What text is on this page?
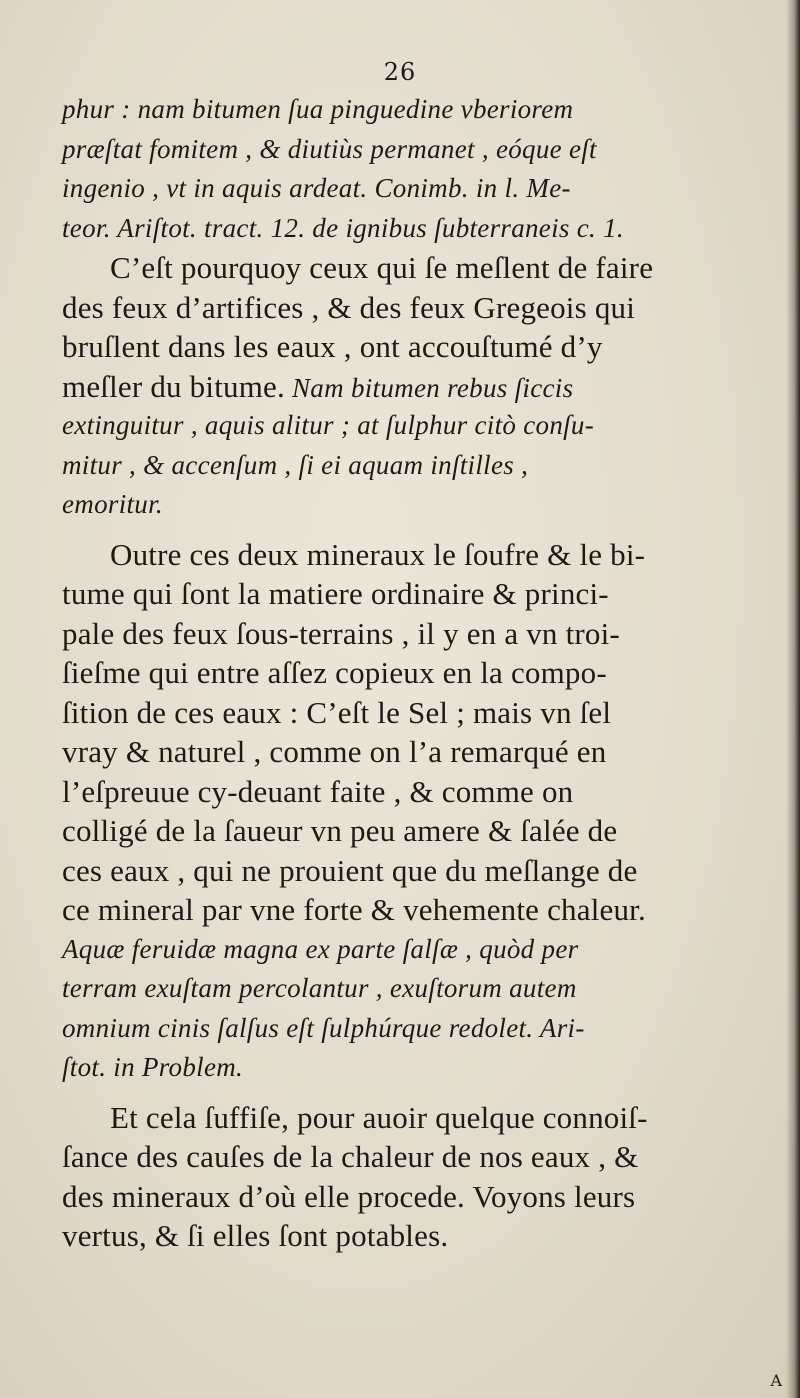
26
phur : nam bitumen ſua pinguedine vberiorem
præſtat fomitem , & diutiùs permanet , eóque eſt
ingenio , vt in aquis ardeat. Conimb. in l. Me-
teor. Ariſtot. tract. 12. de ignibus ſubterraneis c. 1.
C’eſt pourquoy ceux qui ſe meſlent de faire
des feux d’artifices , & des feux Gregeois qui
bruſlent dans les eaux , ont accouſtumé d’y
meſler du bitume. Nam bitumen rebus ſiccis
extinguitur , aquis alitur ; at ſulphur citò conſu-
mitur , & accenſum , ſi ei aquam inſtilles ,
emoritur.
Outre ces deux mineraux le ſoufre & le bi-
tume qui ſont la matiere ordinaire & princi-
pale des feux ſous-terrains , il y en a vn troi-
ſieſme qui entre aſſez copieux en la compo-
ſition de ces eaux : C’eſt le Sel ; mais vn ſel
vray & naturel , comme on l’a remarqué en
l’eſpreuue cy-deuant faite , & comme on
colligé de la ſaueur vn peu amere & ſalée de
ces eaux , qui ne prouient que du meſlange de
ce mineral par vne forte & vehemente chaleur.
Aquæ feruidæ magna ex parte ſalſæ , quòd per
terram exuſtam percolantur , exuſtorum autem
omnium cinis ſalſus eſt ſulphúrque redolet. Ari-
ſtot. in Problem.
Et cela ſuffiſe, pour auoir quelque connoiſ-
ſance des cauſes de la chaleur de nos eaux , &
des mineraux d’où elle procede. Voyons leurs
vertus, & ſi elles ſont potables.
A
